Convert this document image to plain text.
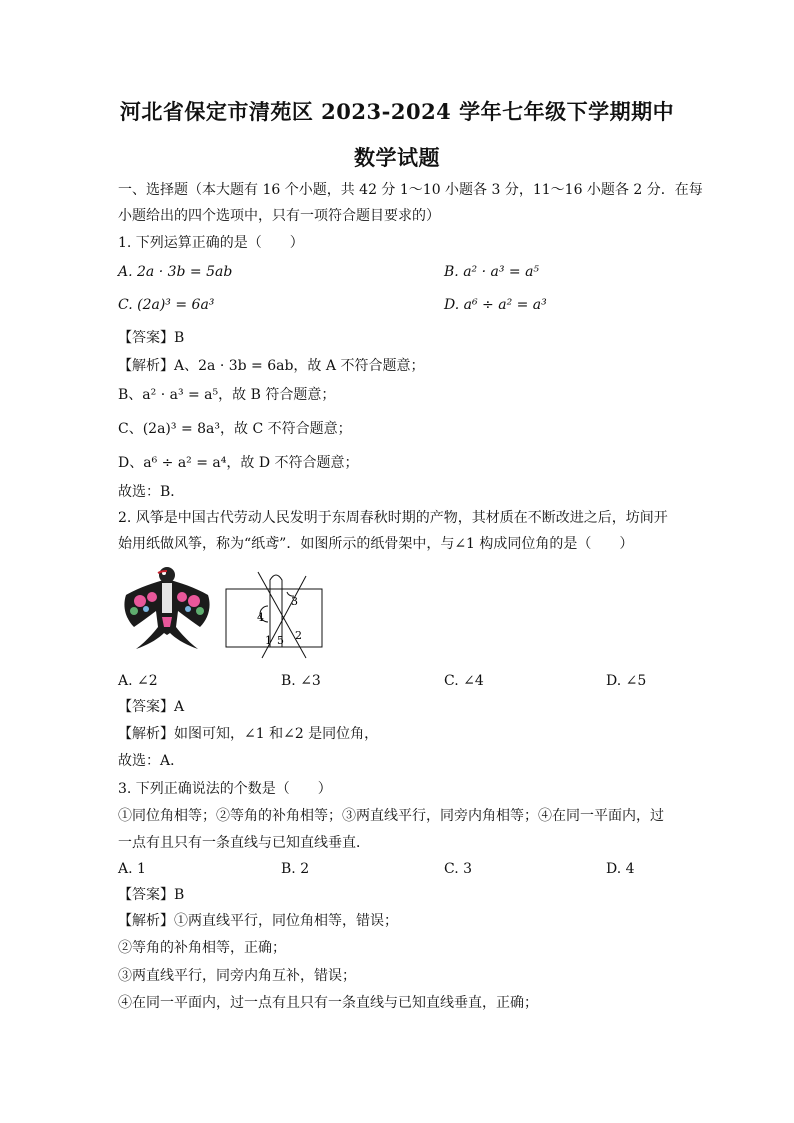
河北省保定市清苑区 2023-2024 学年七年级下学期期中
数学试题
一、选择题（本大题有 16 个小题，共 42 分 1～10 小题各 3 分，11～16 小题各 2 分．在每
小题给出的四个选项中，只有一项符合题目要求的）
1. 下列运算正确的是（　　）
A. 2a · 3b = 5ab	B. a² · a³ = a⁵
C. (2a)³ = 6a³	D. a⁶ ÷ a² = a³
【答案】B
【解析】A、2a · 3b = 6ab，故 A 不符合题意；
B、a² · a³ = a⁵，故 B 符合题意；
C、(2a)³ = 8a³，故 C 不符合题意；
D、a⁶ ÷ a² = a⁴，故 D 不符合题意；
故选：B．
2. 风筝是中国古代劳动人民发明于东周春秋时期的产物，其材质在不断改进之后，坊间开
始用纸做风筝，称为“纸鸢”．如图所示的纸骨架中，与∠1 构成同位角的是（　　）
3
4
1 5 2
A. ∠2	B. ∠3	C. ∠4	D. ∠5
【答案】A
【解析】如图可知，∠1 和∠2 是同位角，
故选：A．
3. 下列正确说法的个数是（　　）
①同位角相等；②等角的补角相等；③两直线平行，同旁内角相等；④在同一平面内，过
一点有且只有一条直线与已知直线垂直．
A. 1	B. 2	C. 3	D. 4
【答案】B
【解析】①两直线平行，同位角相等，错误；
②等角的补角相等，正确；
③两直线平行，同旁内角互补，错误；
④在同一平面内，过一点有且只有一条直线与已知直线垂直，正确；
